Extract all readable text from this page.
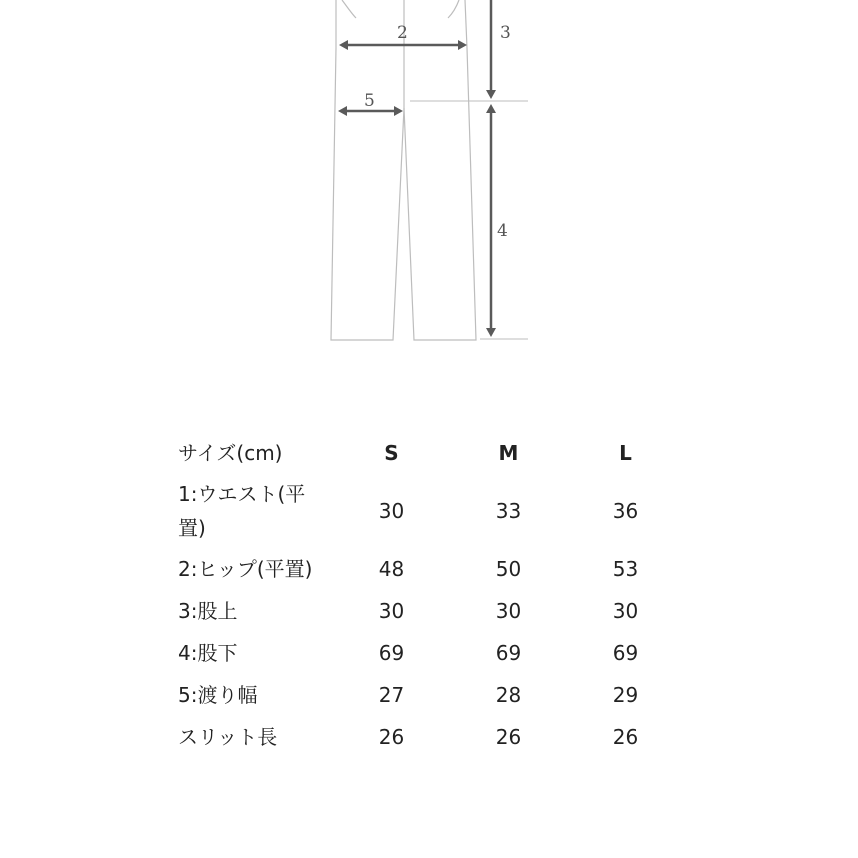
2	3
5
4
サイズ(cm)	S	M	L
1:ウエスト(平置)	30	33	36
2:ヒップ(平置)	48	50	53
3:股上	30	30	30
4:股下	69	69	69
5:渡り幅	27	28	29
スリット長	26	26	26
